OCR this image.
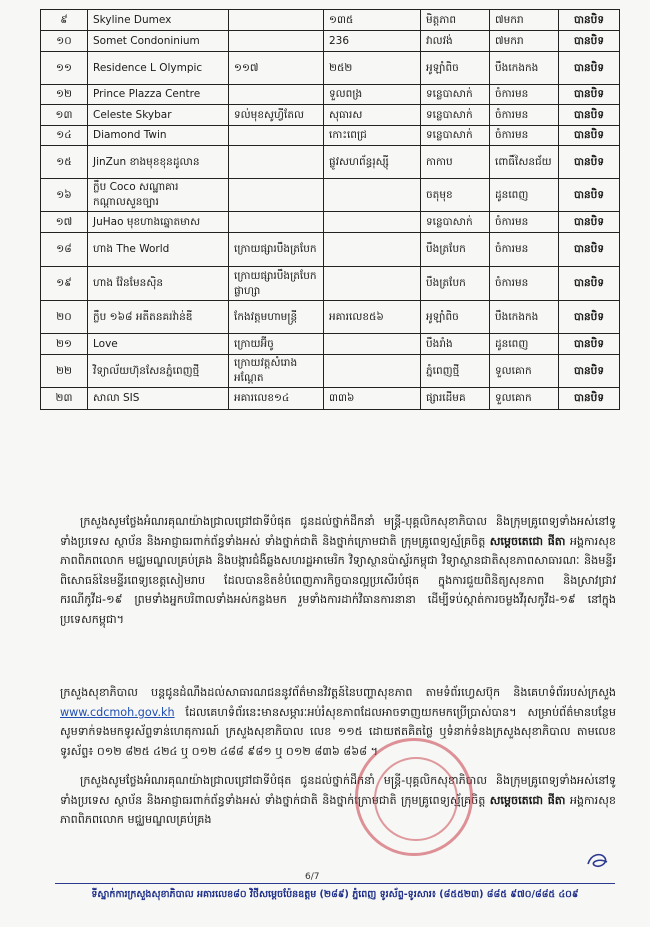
៩	Skyline Dumex		១៣៥	មិត្តភាព	៧មករា	បានបិទ
១០	Somet Condoninium		236	វាលវង់	៧មករា	បានបិទ
១១	Residence L Olympic	១១៧	២៥២	អូឡាំពិច	បឹងកេងកង	បានបិទ
១២	Prince Plazza Centre		ទួលពង្រ	ទន្លេបាសាក់	ចំការមន	បានបិទ
១៣	Celeste Skybar	ទល់មុខសូហ្វីតែល	សុធារស	ទន្លេបាសាក់	ចំការមន	បានបិទ
១៤	Diamond Twin		កោះពេជ្រ	ទន្លេបាសាក់	ចំការមន	បានបិទ
១៥	JinZun ខាងមុខខុនដូលាន		ផ្លូវសហព័ន្ធរុស្ស៊ី	កាកាប	ពោធិ៍សែនជ័យ	បានបិទ
១៦	ក្លឹប Coco សណ្ឋាគារកណ្ដាលសួនច្បារ			ចតុមុខ	ដូនពេញ	បានបិទ
១៧	JuHao មុខហាងឆ្នោតមាស			ទន្លេបាសាក់	ចំការមន	បានបិទ
១៨	ហាង The World	ក្រោយផ្សារបឹងត្របែក		បឹងត្របែក	ចំការមន	បានបិទ
១៩	ហាង វ៉ែនមែនស៊ិន	ក្រោយផ្សារបឹងត្របែកផ្លាហ្សា		បឹងត្របែក	ចំការមន	បានបិទ
២០	ក្លឹប ១៦៨ អតីតនគរវ៉ាន់ឌី	កែងវត្តមហាមន្ត្រី	អគារលេខ៥៦	អូឡាំពិច	បឹងកេងកង	បានបិទ
២១	Love	ក្រោយអ៊ីចូ		បឹងរាំង	ដូនពេញ	បានបិទ
២២	វិទ្យាល័យហ៊ុនសែនភ្នំពេញថ្មី	ក្រោយវត្តសំរោងអណ្ដែត		ភ្នំពេញថ្មី	ទួលគោក	បានបិទ
២៣	សាលា SIS	អគារលេខ១៤	៣៣៦	ផ្សារដើមគ	ទួលគោក	បានបិទ
ក្រសួងសូមថ្លែងអំណរគុណយ៉ាងជ្រាលជ្រៅជាទីបំផុត ជូនដល់ថ្នាក់ដឹកនាំ មន្ត្រី-បុគ្គលិកសុខាភិបាល និងក្រុមគ្រូពេទ្យទាំងអស់នៅទូទាំងប្រទេស ស្ថាប័ន និងអាជ្ញាធរពាក់ព័ន្ធទាំងអស់ ទាំងថ្នាក់ជាតិ និងថ្នាក់ក្រោមជាតិ ក្រុមគ្រូពេទ្យស្ម័គ្រចិត្ត សម្ដេចតេជោ ផីតា អង្គការសុខភាពពិភពលោក មជ្ឈមណ្ឌលគ្រប់គ្រង និងបង្ការជំងឺឆ្លងសហរដ្ឋអាមេរិក វិទ្យាស្ថានប៉ាស្ទ័រកម្ពុជា វិទ្យាស្ថានជាតិសុខភាពសាធារណៈ និងមន្ទីរពិសោធន៍នៃមន្ទីរពេទ្យខេត្តសៀមរាប ដែលបានខិតខំបំពេញភារកិច្ចបានល្អប្រសើរបំផុត ក្នុងការជួយពិនិត្យសុខភាព និងស្រាវជ្រាវករណីកូវីដ-១៩ ព្រមទាំងអ្នកបរិពាលទាំងអស់កន្លងមក រួមទាំងការដាក់វិធានការនានា ដើម្បីទប់ស្កាត់ការចម្លងវីរុសកូវីដ-១៩ នៅក្នុងប្រទេសកម្ពុជា។
ក្រសួងសុខាភិបាល បន្តជូនដំណឹងដល់សាធារណជននូវព័ត៌មានវិវត្តន៍នៃបញ្ហាសុខភាព តាមទំព័រហ្វេសប៊ុក និងគេហទំព័ររបស់ក្រសួង www.cdcmoh.gov.kh ដែលគេហទំព័រនេះមានសម្ភារៈអប់រំសុខភាពដែលអាចទាញយកមកប្រើប្រាស់បាន។ សម្រាប់ព័ត៌មានបន្ថែម សូមទាក់ទងមកទូរស័ព្ទទាន់ហេតុការណ៍ ក្រសួងសុខាភិបាល លេខ ១១៥ ដោយឥតគិតថ្លៃ ឬទំនាក់ទំនងក្រសួងសុខាភិបាល តាមលេខទូរស័ព្ទ៖ ០១២ ៨២៥ ៤២៤ ឬ ០១២ ៤៨៨ ៩៨១ ឬ ០១២ ៨៣៦ ៨៦៨ ។
ក្រសួងសូមថ្លែងអំណរគុណយ៉ាងជ្រាលជ្រៅជាទីបំផុត ជូនដល់ថ្នាក់ដឹកនាំ មន្ត្រី-បុគ្គលិកសុខាភិបាល និងក្រុមគ្រូពេទ្យទាំងអស់នៅទូទាំងប្រទេស ស្ថាប័ន និងអាជ្ញាធរពាក់ព័ន្ធទាំងអស់ ទាំងថ្នាក់ជាតិ និងថ្នាក់ក្រោមជាតិ ក្រុមគ្រូពេទ្យស្ម័គ្រចិត្ត សម្ដេចតេជោ ផីតា អង្គការសុខភាពពិភពលោក មជ្ឈមណ្ឌលគ្រប់គ្រង
6/7
ទីស្នាក់ការក្រសួងសុខាភិបាល អគារលេខ៨០ វិថីសម្ដេចប៉ែនឧត្ដម (២៨៩) ភ្នំពេញ ទូរស័ព្ទ-ទូរសារ៖ (៨៥៥២៣) ៨៨៥ ៩៧០/៨៨៥ ៤០៩
